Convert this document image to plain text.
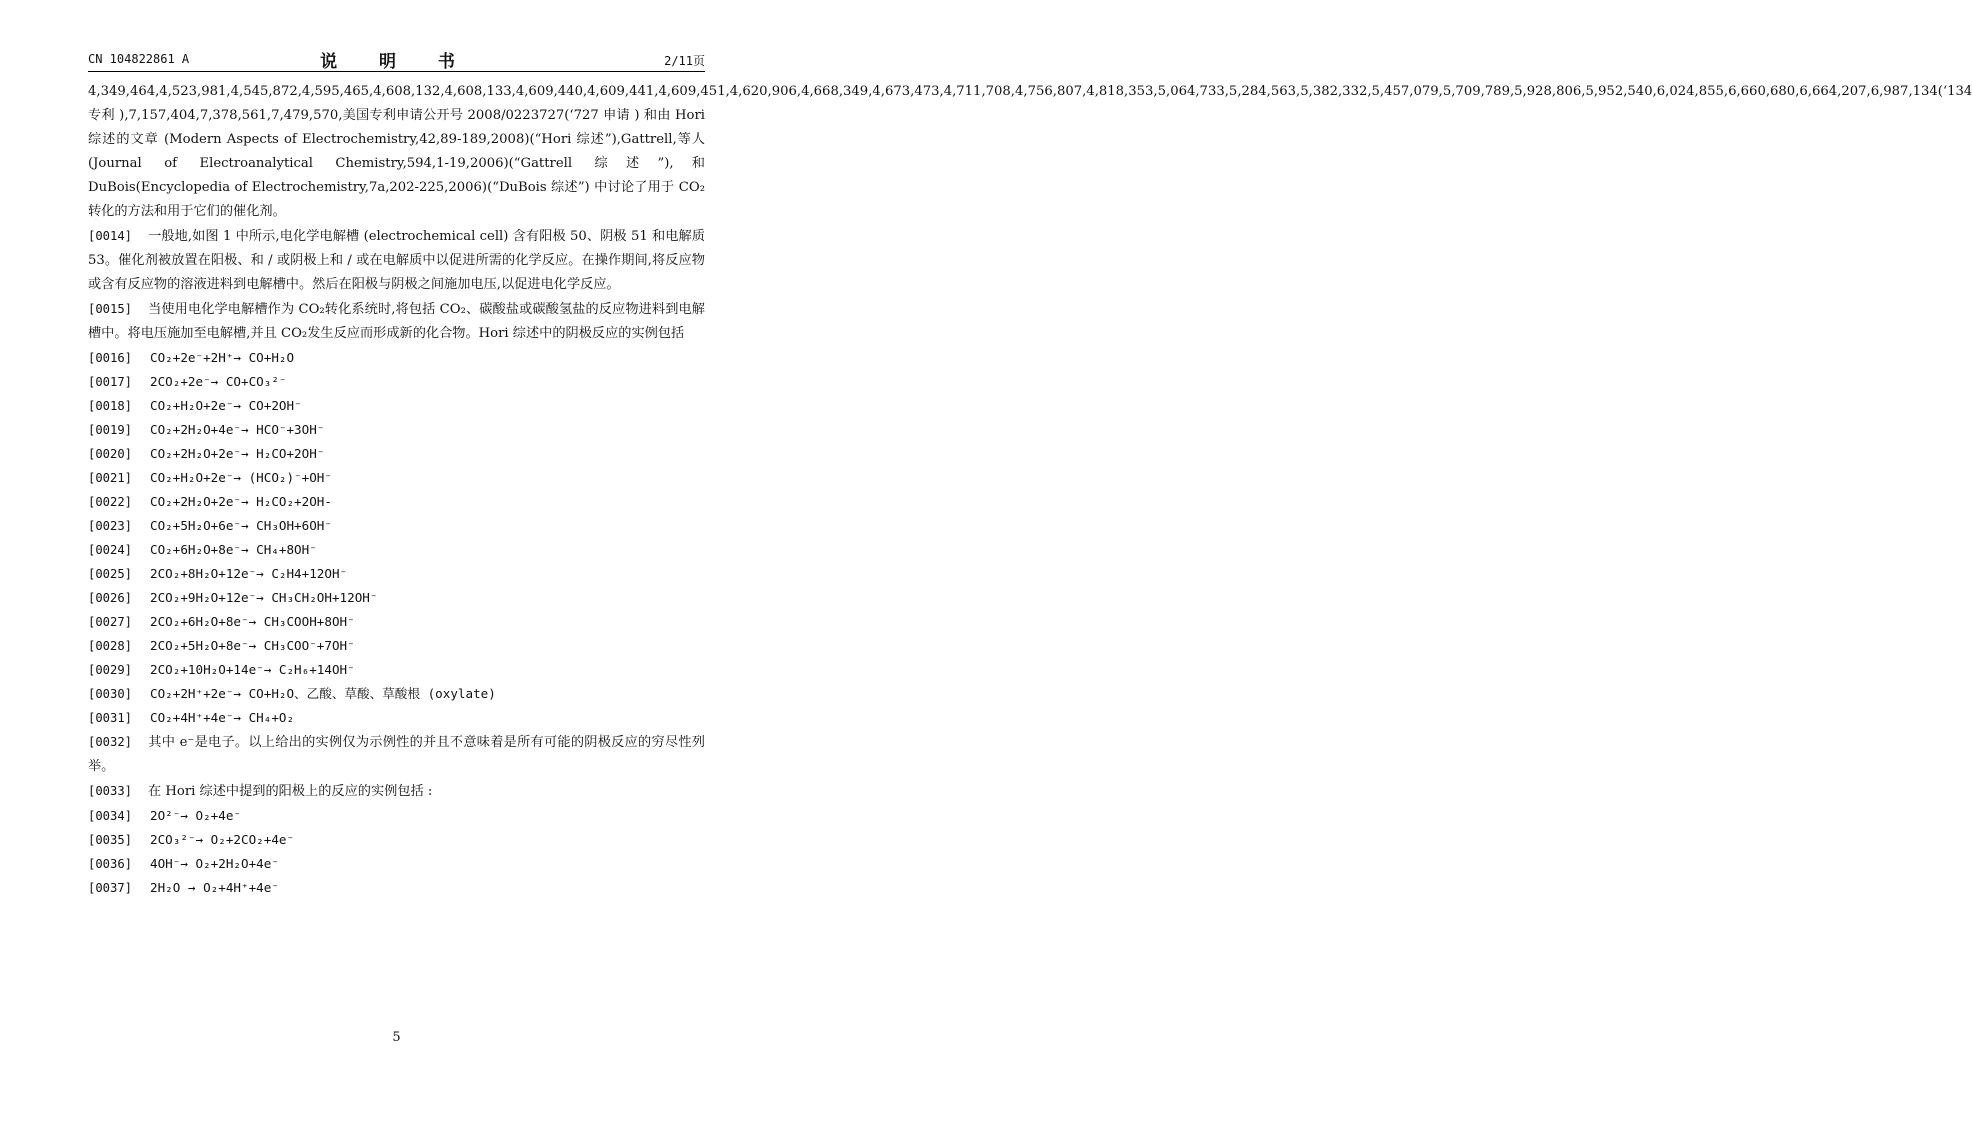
CN 104822861 A	说 明 书	2/11页

4,349,464,4,523,981,4,545,872,4,595,465,4,608,132,4,608,133,4,609,440,4,609,441,4,609,451,4,620,906,4,668,349,4,673,473,4,711,708,4,756,807,4,818,353,5,064,733,5,284,563,5,382,332,5,457,079,5,709,789,5,928,806,5,952,540,6,024,855,6,660,680,6,664,207,6,987,134(‘134 专利 ),7,157,404,7,378,561,7,479,570,美国专利申请公开号 2008/0223727(‘727 申请 ) 和由 Hori 综述的文章 (Modern Aspects of Electrochemistry,42,89-189,2008)(“Hori 综述”),Gattrell,等人 (Journal of Electroanalytical Chemistry,594,1-19,2006)(“Gattrell 综述”),和 DuBois(Encyclopedia of Electrochemistry,7a,202-225,2006)(“DuBois 综述”) 中讨论了用于 CO₂转化的方法和用于它们的催化剂。

[0014] 一般地,如图 1 中所示,电化学电解槽 (electrochemical cell) 含有阳极 50、阴极 51 和电解质 53。催化剂被放置在阳极、和 / 或阴极上和 / 或在电解质中以促进所需的化学反应。在操作期间,将反应物或含有反应物的溶液进料到电解槽中。然后在阳极与阴极之间施加电压,以促进电化学反应。

[0015] 当使用电化学电解槽作为 CO₂转化系统时,将包括 CO₂、碳酸盐或碳酸氢盐的反应物进料到电解槽中。将电压施加至电解槽,并且 CO₂发生反应而形成新的化合物。Hori 综述中的阴极反应的实例包括

[0016]	CO₂+2e⁻+2H⁺→ CO+H₂O
[0017]	2CO₂+2e⁻→ CO+CO₃²⁻
[0018]	CO₂+H₂O+2e⁻→ CO+2OH⁻
[0019]	CO₂+2H₂O+4e⁻→ HCO⁻+3OH⁻
[0020]	CO₂+2H₂O+2e⁻→ H₂CO+2OH⁻
[0021]	CO₂+H₂O+2e⁻→ (HCO₂)⁻+OH⁻
[0022]	CO₂+2H₂O+2e⁻→ H₂CO₂+2OH-
[0023]	CO₂+5H₂O+6e⁻→ CH₃OH+6OH⁻
[0024]	CO₂+6H₂O+8e⁻→ CH₄+8OH⁻
[0025]	2CO₂+8H₂O+12e⁻→ C₂H4+12OH⁻
[0026]	2CO₂+9H₂O+12e⁻→ CH₃CH₂OH+12OH⁻
[0027]	2CO₂+6H₂O+8e⁻→ CH₃COOH+8OH⁻
[0028]	2CO₂+5H₂O+8e⁻→ CH₃COO⁻+7OH⁻
[0029]	2CO₂+10H₂O+14e⁻→ C₂H₆+14OH⁻
[0030]	CO₂+2H⁺+2e⁻→ CO+H₂O、乙酸、草酸、草酸根 (oxylate)
[0031]	CO₂+4H⁺+4e⁻→ CH₄+O₂

[0032] 其中 e⁻是电子。以上给出的实例仅为示例性的并且不意味着是所有可能的阴极反应的穷尽性列举。

[0033] 在 Hori 综述中提到的阳极上的反应的实例包括 :

[0034]	2O²⁻→ O₂+4e⁻
[0035]	2CO₃²⁻→ O₂+2CO₂+4e⁻
[0036]	4OH⁻→ O₂+2H₂O+4e⁻
[0037]	2H₂O → O₂+4H⁺+4e⁻
5
